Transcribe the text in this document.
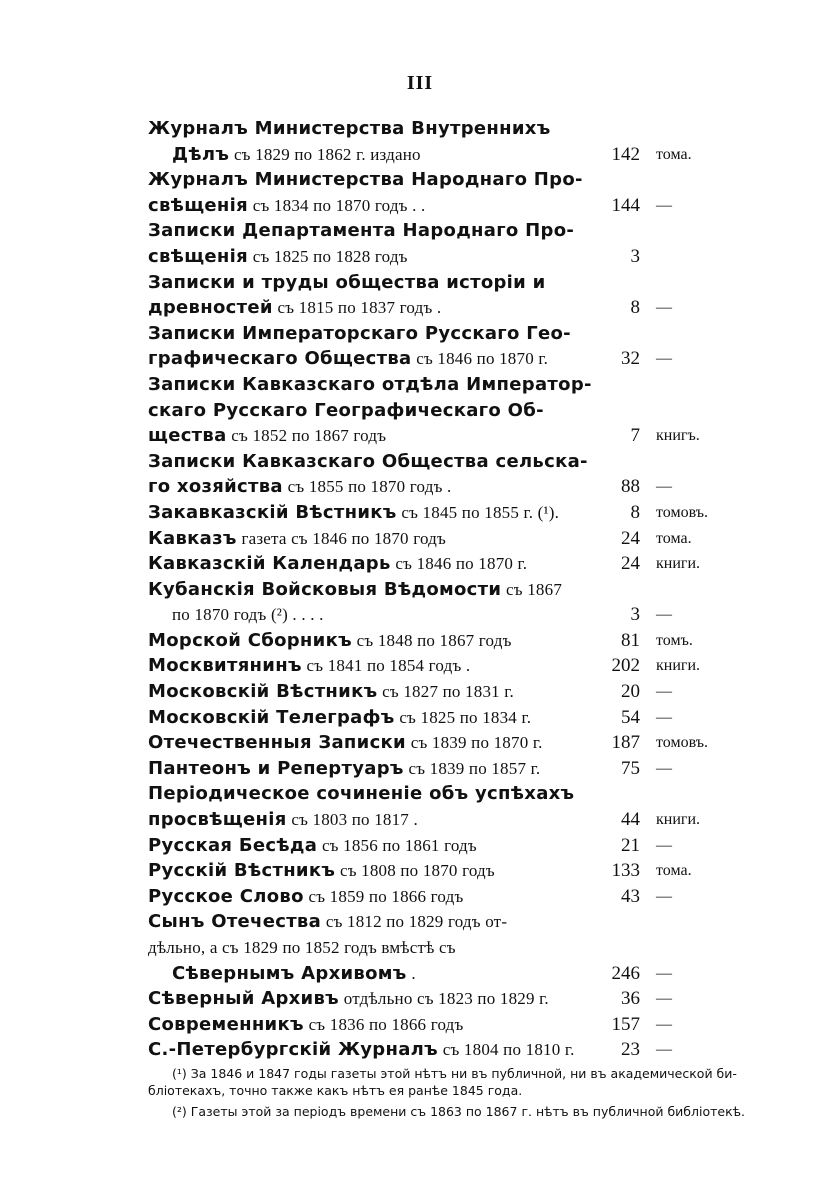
III
Журналъ Министерства Внутреннихъ
Дѣлъ съ 1829 по 1862 г. издано	142 тома.
Журналъ Министерства Народнаго Про-
свѣщенія съ 1834 по 1870 годъ . .	144 —
Записки Департамента Народнаго Про-
свѣщенія съ 1825 по 1828 годъ	3
Записки и труды общества исторіи и
древностей съ 1815 по 1837 годъ .	8 —
Записки Императорскаго Русскаго Гео-
графическаго Общества съ 1846 по 1870 г.	32 —
Записки Кавказскаго отдѣла Император-
скаго Русскаго Географическаго Об-
щества съ 1852 по 1867 годъ	7 книгъ.
Записки Кавказскаго Общества сельска-
го хозяйства съ 1855 по 1870 годъ .	88 —
Закавказскій Вѣстникъ съ 1845 по 1855 г. (¹).	8 томовъ.
Кавказъ газета съ 1846 по 1870 годъ	24 тома.
Кавказскій Календарь съ 1846 по 1870 г.	24 книги.
Кубанскія Войсковыя Вѣдомости съ 1867
по 1870 годъ (²) . . . .	3 —
Морской Сборникъ съ 1848 по 1867 годъ	81 томъ.
Москвитянинъ съ 1841 по 1854 годъ .	202 книги.
Московскій Вѣстникъ съ 1827 по 1831 г.	20 —
Московскій Телеграфъ съ 1825 по 1834 г.	54 —
Отечественныя Записки съ 1839 по 1870 г.	187 томовъ.
Пантеонъ и Репертуаръ съ 1839 по 1857 г.	75 —
Періодическое сочиненіе объ успѣхахъ
просвѣщенія съ 1803 по 1817 .	44 книги.
Русская Бесѣда съ 1856 по 1861 годъ	21 —
Русскій Вѣстникъ съ 1808 по 1870 годъ	133 тома.
Русское Слово съ 1859 по 1866 годъ	43 —
Сынъ Отечества съ 1812 по 1829 годъ от-
дѣльно, а съ 1829 по 1852 годъ вмѣстѣ съ
Сѣвернымъ Архивомъ .	246 —
Сѣверный Архивъ отдѣльно съ 1823 по 1829 г.	36 —
Современникъ съ 1836 по 1866 годъ	157 —
С.-Петербургскій Журналъ съ 1804 по 1810 г. 23 —
(¹) За 1846 и 1847 годы газеты этой нѣтъ ни въ публичной, ни въ академической би-
бліотекахъ, точно также какъ нѣтъ ея ранѣе 1845 года.
(²) Газеты этой за періодъ времени съ 1863 по 1867 г. нѣтъ въ публичной библіотекѣ.
